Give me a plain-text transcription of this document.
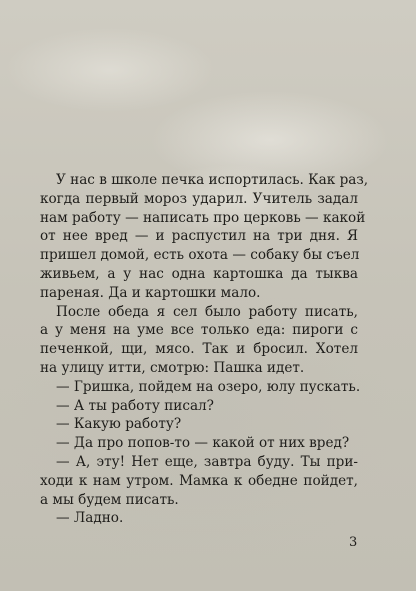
У нас в школе печка испортилась. Как раз,
когда первый мороз ударил. Учитель задал
нам работу — написать про церковь — какой
от нее вред — и распустил на три дня. Я
пришел домой, есть охота — собаку бы съел
живьем, а у нас одна картошка да тыква
пареная. Да и картошки мало.
После обеда я сел было работу писать,
а у меня на уме все только еда: пироги с
печенкой, щи, мясо. Так и бросил. Хотел
на улицу итти, смотрю: Пашка идет.
— Гришка, пойдем на озеро, юлу пускать.
— А ты работу писал?
— Какую работу?
— Да про попов-то — какой от них вред?
— А, эту! Нет еще, завтра буду. Ты при-
ходи к нам утром. Мамка к обедне пойдет,
а мы будем писать.
— Ладно.
3
